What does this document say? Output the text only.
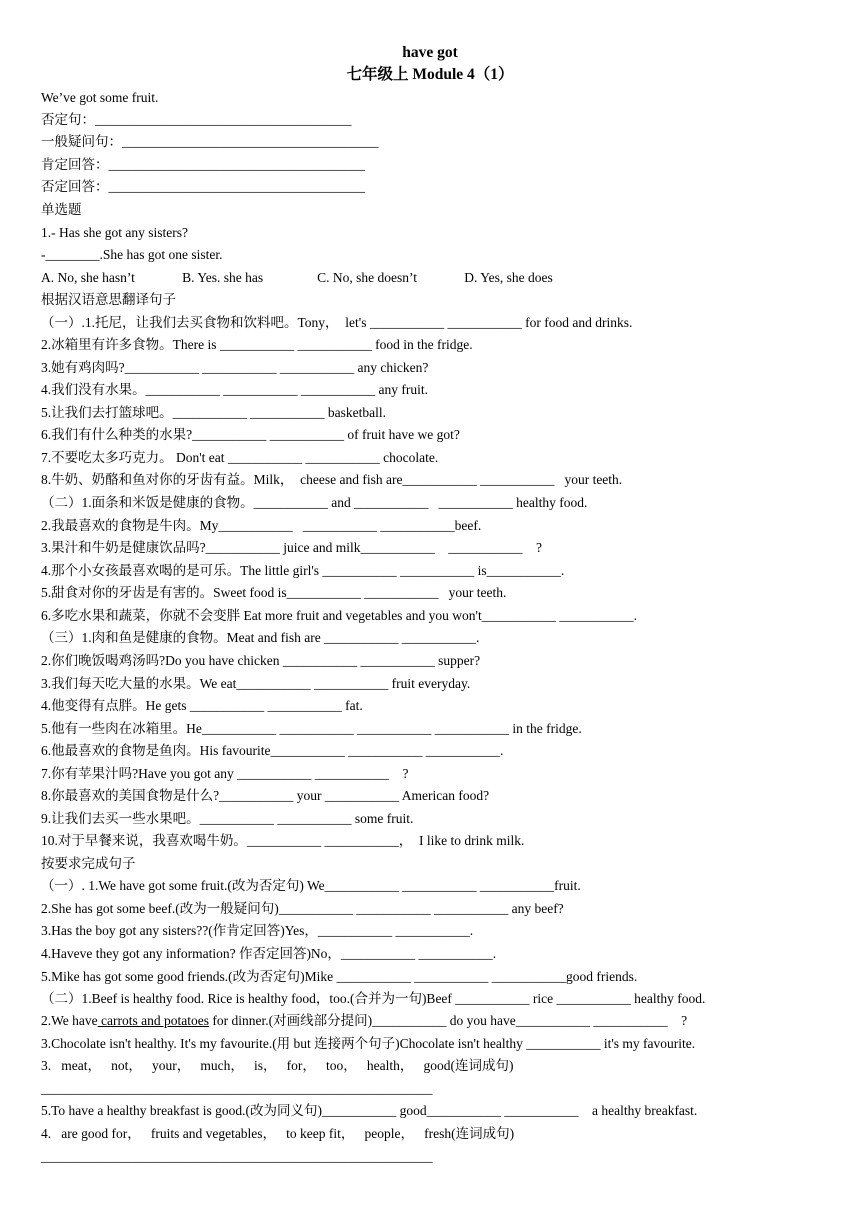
have got
七年级上 Module 4（1）
We’ve got some fruit.
否定句：______________________________________
一般疑问句：______________________________________
肯定回答：______________________________________
否定回答：______________________________________
单选题
1.- Has she got any sisters?
-________.She has got one sister.
A. No, she hasn’t              B. Yes. she has                C. No, she doesn’t              D. Yes, she does
根据汉语意思翻译句子
（一）.1.托尼，让我们去买食物和饮料吧。Tony，  let's ___________ ___________ for food and drinks.
2.冰箱里有许多食物。There is ___________ ___________ food in the fridge.
3.她有鸡肉吗?___________ ___________ ___________ any chicken?
4.我们没有水果。___________ ___________ ___________ any fruit.
5.让我们去打篮球吧。___________ ___________ basketball.
6.我们有什么种类的水果?___________ ___________ of fruit have we got?
7.不要吃太多巧克力。 Don't eat ___________ ___________ chocolate.
8.牛奶、奶酪和鱼对你的牙齿有益。Milk，  cheese and fish are___________ ___________   your teeth.
（二）1.面条和米饭是健康的食物。___________ and ___________   ___________ healthy food.
2.我最喜欢的食物是牛肉。My___________   ___________ ___________beef.
3.果汁和牛奶是健康饮品吗?___________ juice and milk___________    ___________    ?
4.那个小女孩最喜欢喝的是可乐。The little girl's ___________ ___________ is___________.
5.甜食对你的牙齿是有害的。Sweet food is___________ ___________   your teeth.
6.多吃水果和蔬菜，你就不会变胖 Eat more fruit and vegetables and you won't___________ ___________.
（三）1.肉和鱼是健康的食物。Meat and fish are ___________ ___________.
2.你们晚饭喝鸡汤吗?Do you have chicken ___________ ___________ supper?
3.我们每天吃大量的水果。We eat___________ ___________ fruit everyday.
4.他变得有点胖。He gets ___________ ___________ fat.
5.他有一些肉在冰箱里。He___________ ___________ ___________ ___________ in the fridge.
6.他最喜欢的食物是鱼肉。His favourite___________ ___________ ___________.
7.你有苹果汁吗?Have you got any ___________ ___________    ?
8.你最喜欢的美国食物是什么?___________ your ___________ American food?
9.让我们去买一些水果吧。___________ ___________ some fruit.
10.对于早餐来说，我喜欢喝牛奶。___________ ___________，  I like to drink milk.
按要求完成句子
（一）. 1.We have got some fruit.(改为否定句) We___________ ___________ ___________fruit.
2.She has got some beef.(改为一般疑问句)___________ ___________ ___________ any beef?
3.Has the boy got any sisters??(作肯定回答)Yes，___________ ___________.
4.Haveve they got any information? 作否定回答)No，___________ ___________.
5.Mike has got some good friends.(改为否定句)Mike ___________ ___________ ___________good friends.
（二）1.Beef is healthy food. Rice is healthy food，too.(合并为一句)Beef ___________ rice ___________ healthy food.
2.We have carrots and potatoes for dinner.(对画线部分提问)___________ do you have___________ ___________    ?
3.Chocolate isn't healthy. It's my favourite.(用 but 连接两个句子)Chocolate isn't healthy ___________ it's my favourite.
3.   meat，   not，   your，   much，   is，   for，   too，   health，   good(连词成句)
__________________________________________________________
5.To have a healthy breakfast is good.(改为同义句)___________ good___________ ___________    a healthy breakfast.
4.   are good for，   fruits and vegetables，   to keep fit，   people，   fresh(连词成句)
__________________________________________________________
